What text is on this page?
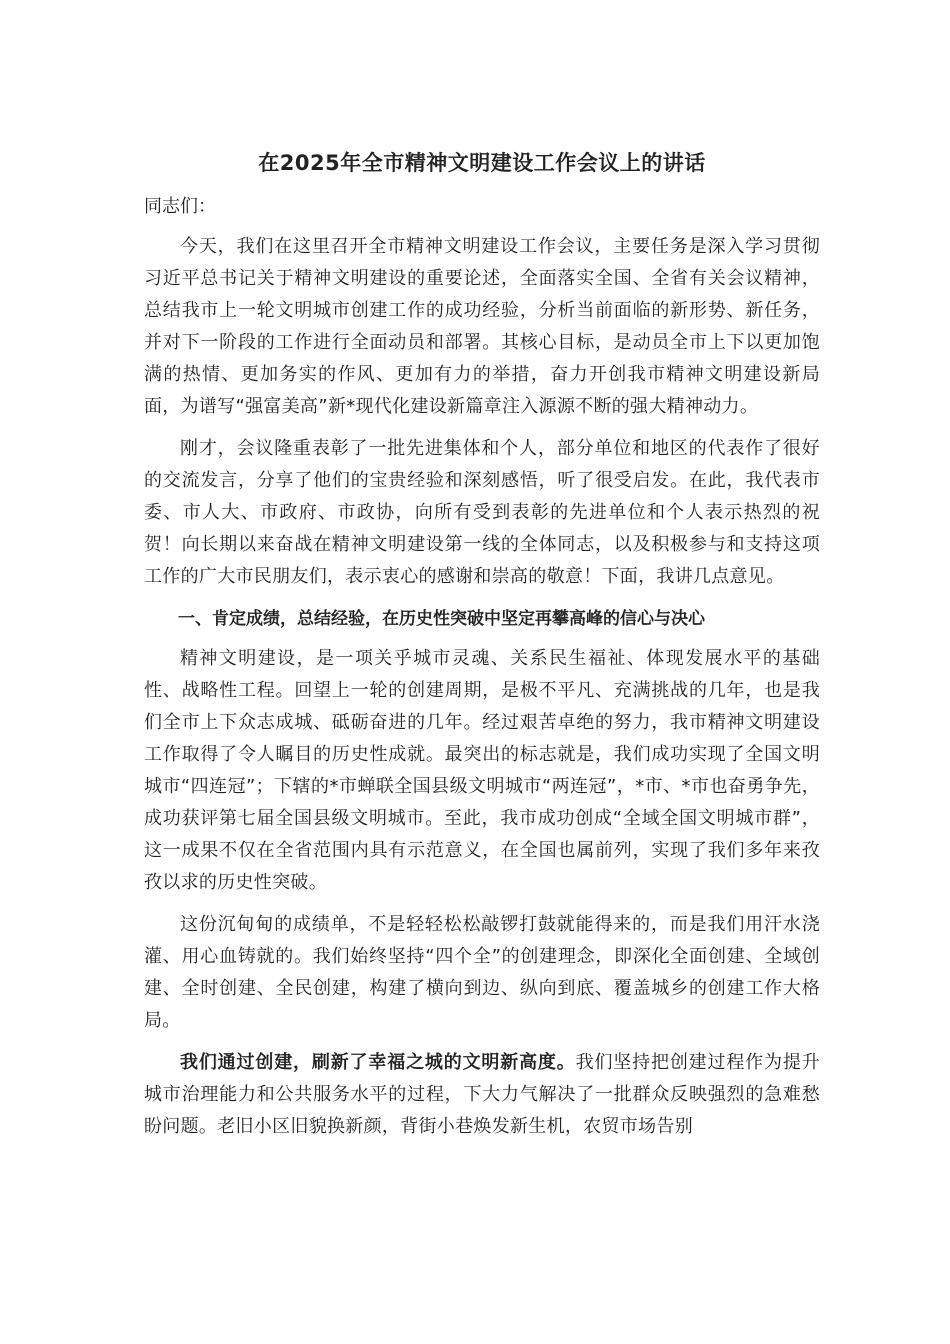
在2025年全市精神文明建设工作会议上的讲话
同志们：

今天，我们在这里召开全市精神文明建设工作会议，主要任务是深入学习贯彻习近平总书记关于精神文明建设的重要论述，全面落实全国、全省有关会议精神，总结我市上一轮文明城市创建工作的成功经验，分析当前面临的新形势、新任务，并对下一阶段的工作进行全面动员和部署。其核心目标，是动员全市上下以更加饱满的热情、更加务实的作风、更加有力的举措，奋力开创我市精神文明建设新局面，为谱写“强富美高”新*现代化建设新篇章注入源源不断的强大精神动力。

刚才，会议隆重表彰了一批先进集体和个人，部分单位和地区的代表作了很好的交流发言，分享了他们的宝贵经验和深刻感悟，听了很受启发。在此，我代表市委、市人大、市政府、市政协，向所有受到表彰的先进单位和个人表示热烈的祝贺！向长期以来奋战在精神文明建设第一线的全体同志，以及积极参与和支持这项工作的广大市民朋友们，表示衷心的感谢和崇高的敬意！下面，我讲几点意见。

一、肯定成绩，总结经验，在历史性突破中坚定再攀高峰的信心与决心

精神文明建设，是一项关乎城市灵魂、关系民生福祉、体现发展水平的基础性、战略性工程。回望上一轮的创建周期，是极不平凡、充满挑战的几年，也是我们全市上下众志成城、砥砺奋进的几年。经过艰苦卓绝的努力，我市精神文明建设工作取得了令人瞩目的历史性成就。最突出的标志就是，我们成功实现了全国文明城市“四连冠”；下辖的*市蝉联全国县级文明城市“两连冠”，*市、*市也奋勇争先，成功获评第七届全国县级文明城市。至此，我市成功创成“全域全国文明城市群”，这一成果不仅在全省范围内具有示范意义，在全国也属前列，实现了我们多年来孜孜以求的历史性突破。

这份沉甸甸的成绩单，不是轻轻松松敲锣打鼓就能得来的，而是我们用汗水浇灌、用心血铸就的。我们始终坚持“四个全”的创建理念，即深化全面创建、全域创建、全时创建、全民创建，构建了横向到边、纵向到底、覆盖城乡的创建工作大格局。

我们通过创建，刷新了幸福之城的文明新高度。我们坚持把创建过程作为提升城市治理能力和公共服务水平的过程，下大力气解决了一批群众反映强烈的急难愁盼问题。老旧小区旧貌换新颜，背街小巷焕发新生机，农贸市场告别
